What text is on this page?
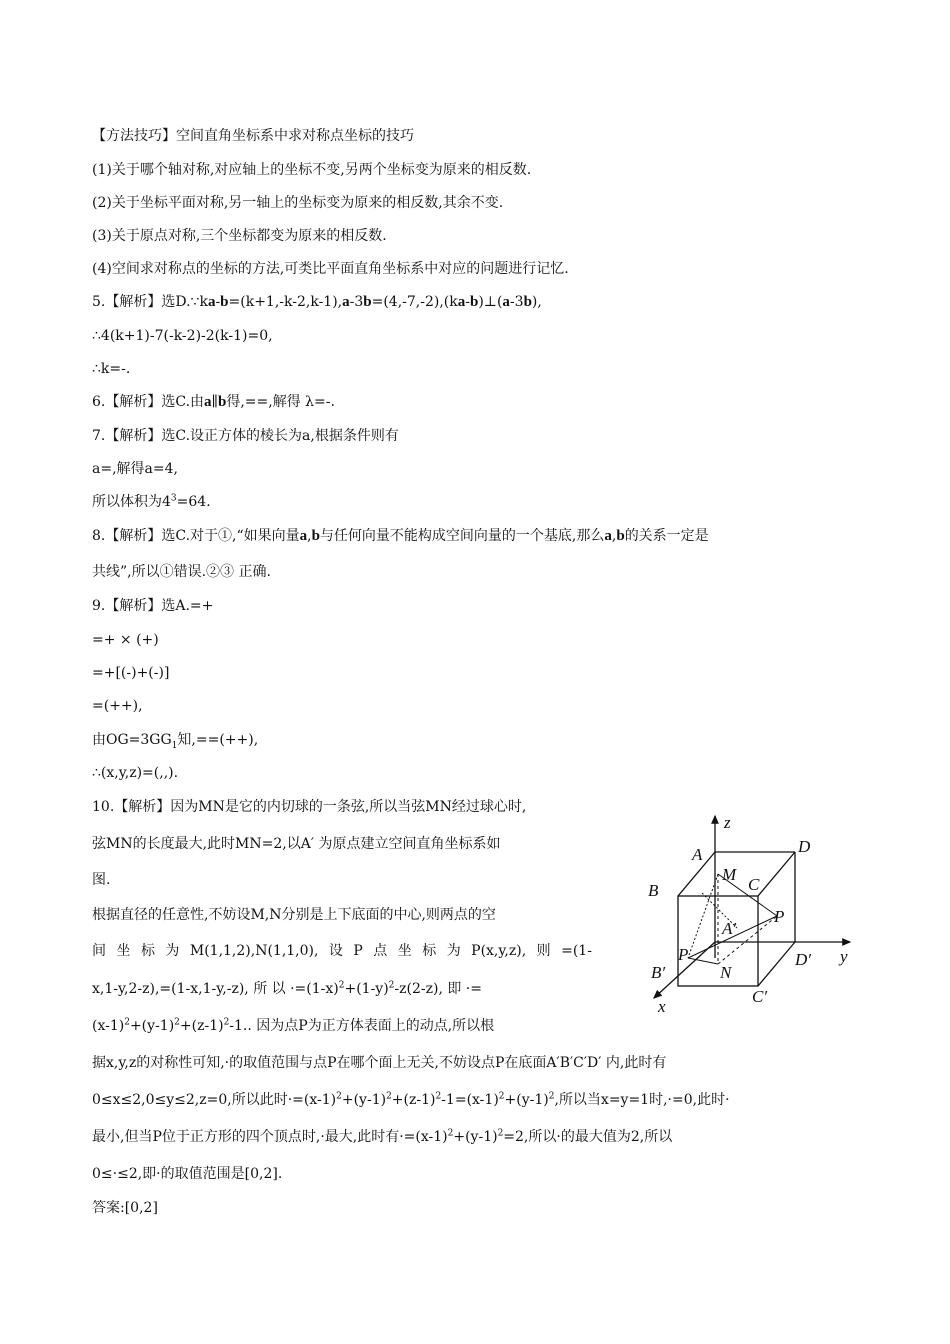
【方法技巧】空间直角坐标系中求对称点坐标的技巧
(1)关于哪个轴对称,对应轴上的坐标不变,另两个坐标变为原来的相反数.
(2)关于坐标平面对称,另一轴上的坐标变为原来的相反数,其余不变.
(3)关于原点对称,三个坐标都变为原来的相反数.
(4)空间求对称点的坐标的方法,可类比平面直角坐标系中对应的问题进行记忆.
5.【解析】选D.∵ka-b=(k+1,-k-2,k-1),a-3b=(4,-7,-2),(ka-b)⊥(a-3b),
∴4(k+1)-7(-k-2)-2(k-1)=0,
∴k=-.
6.【解析】选C.由a∥b得,==,解得 λ=-.
7.【解析】选C.设正方体的棱长为a,根据条件则有
a=,解得a=4,
所以体积为$4^3=64$.
8.【解析】选C.对于①,“如果向量a,b与任何向量不能构成空间向量的一个基底,那么a,b的关系一定是
共线”,所以①错误.②③ 正确.
9.【解析】选A.=+
=+ × (+)
=+[(-)+(-)]
=(++),
由$OG=3GG_1$知,==(++),
∴(x,y,z)=(,,).
10.【解析】因为MN是它的内切球的一条弦,所以当弦MN经过球心时,
弦MN的长度最大,此时MN=2,以A′ 为原点建立空间直角坐标系如
图.
根据直径的任意性,不妨设M,N分别是上下底面的中心,则两点的空
间 坐 标 为 M(1,1,2),N(1,1,0), 设 P 点 坐 标 为 P(x,y,z), 则 =(1-
x,1-y,2-z),=(1-x,1-y,-z), 所 以 $\cdot=(1-x)^2+(1-y)^2-z(2-z)$, 即 ·=
$(x-1)^2+(y-1)^2+(z-1)^2-1$.. 因为点P为正方体表面上的动点,所以根
据x,y,z的对称性可知,·的取值范围与点P在哪个面上无关,不妨设点P在底面A′B′C′D′ 内,此时有
0≤x≤2,0≤y≤2,z=0,所以此时$\cdot=(x-1)^2+(y-1)^2+(z-1)^2-1=(x-1)^2+(y-1)^2$,所以当x=y=1时,·=0,此时·
最小,但当P位于正方形的四个顶点时,·最大,此时有$\cdot=(x-1)^2+(y-1)^2=2$,所以·的最大值为2,所以
0≤·≤2,即·的取值范围是[0,2].
答案:[0,2]
z
A	D
M
C
B
A′
P
P	D′ y
B′	N
C′
x
